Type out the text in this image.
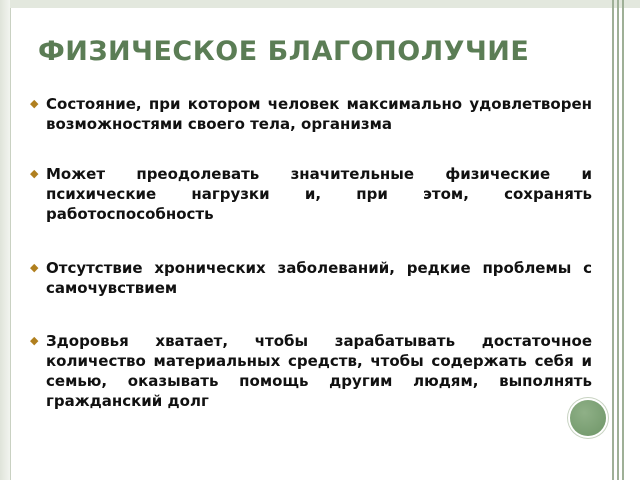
ФИЗИЧЕСКОЕ БЛАГОПОЛУЧИЕ
◆ Состояние, при котором человек максимально удовлетворен возможностями своего тела, организма
◆ Может преодолевать значительные физические и психические нагрузки и, при этом, сохранять работоспособность
◆ Отсутствие хронических заболеваний, редкие проблемы с самочувствием
◆ Здоровья хватает, чтобы зарабатывать достаточное количество материальных средств, чтобы содержать себя и семью, оказывать помощь другим людям, выполнять гражданский долг
